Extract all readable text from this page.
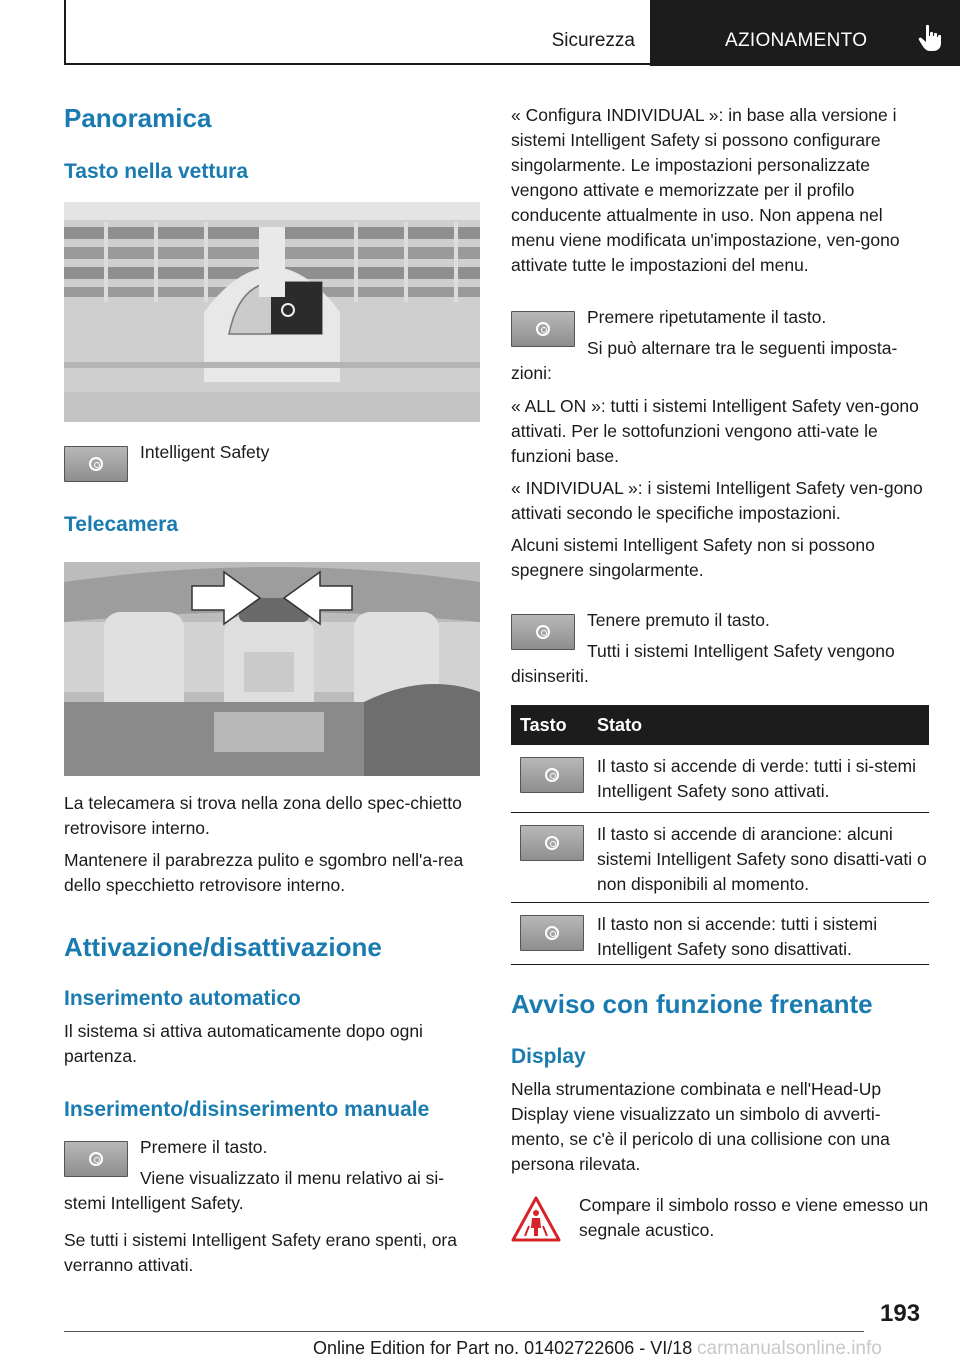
Sicurezza	AZIONAMENTO
Panoramica
Tasto nella vettura
Intelligent Safety
Telecamera
La telecamera si trova nella zona dello spec-chietto retrovisore interno.
Mantenere il parabrezza pulito e sgombro nell'a-rea dello specchietto retrovisore interno.
Attivazione/disattivazione
Inserimento automatico
Il sistema si attiva automaticamente dopo ogni partenza.
Inserimento/disinserimento manuale
Premere il tasto.
Viene visualizzato il menu relativo ai si-stemi Intelligent Safety.
Se tutti i sistemi Intelligent Safety erano spenti, ora verranno attivati.
« Configura INDIVIDUAL »: in base alla versione i sistemi Intelligent Safety si possono configurare singolarmente. Le impostazioni personalizzate vengono attivate e memorizzate per il profilo conducente attualmente in uso. Non appena nel menu viene modificata un'impostazione, ven-gono attivate tutte le impostazioni del menu.
Premere ripetutamente il tasto.
Si può alternare tra le seguenti imposta-zioni:
« ALL ON »: tutti i sistemi Intelligent Safety ven-gono attivati. Per le sottofunzioni vengono atti-vate le funzioni base.
« INDIVIDUAL »: i sistemi Intelligent Safety ven-gono attivati secondo le specifiche impostazioni.
Alcuni sistemi Intelligent Safety non si possono spegnere singolarmente.
Tenere premuto il tasto.
Tutti i sistemi Intelligent Safety vengono disinseriti.
Tasto Stato
Il tasto si accende di verde: tutti i si-stemi Intelligent Safety sono attivati.
Il tasto si accende di arancione: alcuni sistemi Intelligent Safety sono disatti-vati o non disponibili al momento.
Il tasto non si accende: tutti i sistemi Intelligent Safety sono disattivati.
Avviso con funzione frenante
Display
Nella strumentazione combinata e nell'Head-Up Display viene visualizzato un simbolo di avverti-mento, se c'è il pericolo di una collisione con una persona rilevata.
Compare il simbolo rosso e viene emesso un segnale acustico.
193
Online Edition for Part no. 01402722606 - VI/18 carmanualsonline.info
